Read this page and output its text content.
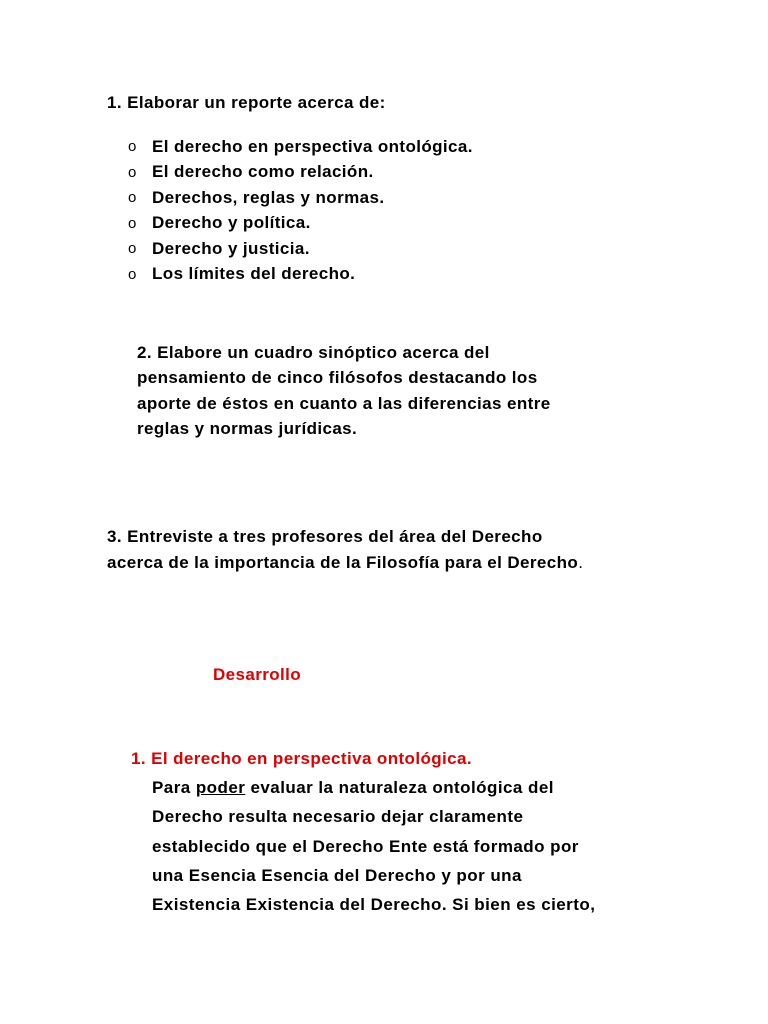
1. Elaborar un reporte acerca de:
o El derecho en perspectiva ontológica.
o El derecho como relación.
o Derechos, reglas y normas.
o Derecho y política.
o Derecho y justicia.
o Los límites del derecho.
2. Elabore un cuadro sinóptico acerca del
pensamiento de cinco filósofos destacando los
aporte de éstos en cuanto a las diferencias entre
reglas y normas jurídicas.
3. Entreviste a tres profesores del área del Derecho
acerca de la importancia de la Filosofía para el Derecho.
Desarrollo
1. El derecho en perspectiva ontológica.
Para poder evaluar la naturaleza ontológica del
Derecho resulta necesario dejar claramente
establecido que el Derecho Ente está formado por
una Esencia Esencia del Derecho y por una
Existencia Existencia del Derecho. Si bien es cierto,
